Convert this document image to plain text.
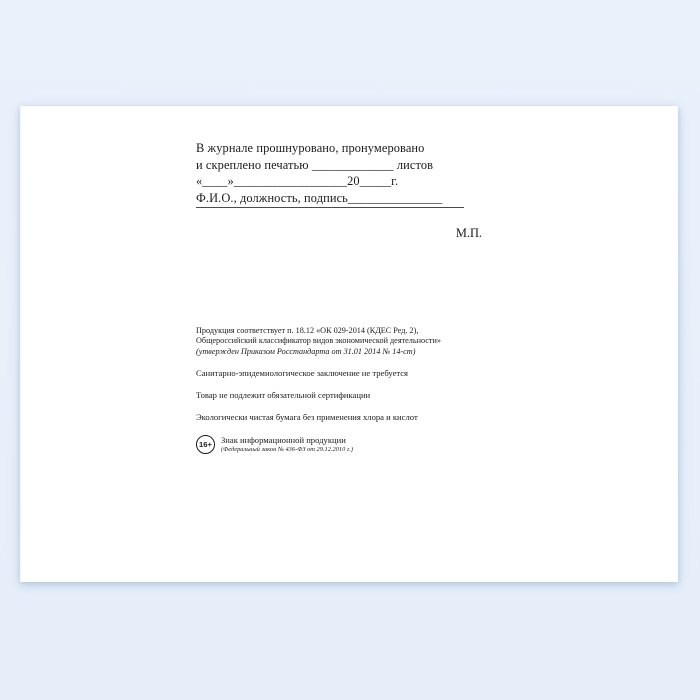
В журнале прошнуровано, пронумеровано
и скреплено печатью _____________ листов
«____»__________________20_____г.
Ф.И.О., должность, подпись_______________
М.П.
Продукция соответствует п. 18.12 «ОК 029-2014 (КДЕС Ред. 2),
Общероссийский классификатор видов экономической деятельности»
(утвержден Приказом Росстандарта от 31.01 2014 № 14-ст)
Санитарно-эпидемиологическое заключение не требуется
Товар не подлежит обязательной сертификации
Экологически чистая бумага без применения хлора и кислот
16+	Знак информационной продукции
(Федеральный закон № 436-ФЗ от 29.12.2010 г.)
